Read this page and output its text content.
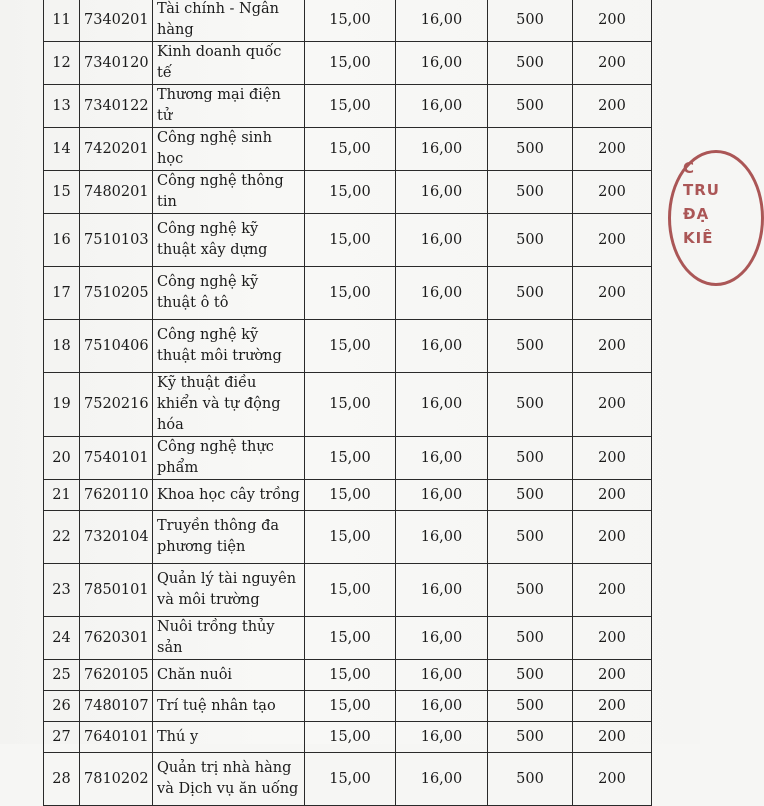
11	7340201	Tài chính - Ngân hàng	15,00	16,00	500	200
12	7340120	Kinh doanh quốc tế	15,00	16,00	500	200
13	7340122	Thương mại điện tử	15,00	16,00	500	200
14	7420201	Công nghệ sinh học	15,00	16,00	500	200
15	7480201	Công nghệ thông tin	15,00	16,00	500	200
16	7510103	Công nghệ kỹ thuật xây dựng	15,00	16,00	500	200
17	7510205	Công nghệ kỹ thuật ô tô	15,00	16,00	500	200
18	7510406	Công nghệ kỹ thuật môi trường	15,00	16,00	500	200
19	7520216	Kỹ thuật điều khiển và tự động hóa	15,00	16,00	500	200
20	7540101	Công nghệ thực phẩm	15,00	16,00	500	200
21	7620110	Khoa học cây trồng	15,00	16,00	500	200
22	7320104	Truyền thông đa phương tiện	15,00	16,00	500	200
23	7850101	Quản lý tài nguyên và môi trường	15,00	16,00	500	200
24	7620301	Nuôi trồng thủy sản	15,00	16,00	500	200
25	7620105	Chăn nuôi	15,00	16,00	500	200
26	7480107	Trí tuệ nhân tạo	15,00	16,00	500	200
27	7640101	Thú y	15,00	16,00	500	200
28	7810202	Quản trị nhà hàng và Dịch vụ ăn uống	15,00	16,00	500	200
C
TRU
ĐẠ
KIÊ
